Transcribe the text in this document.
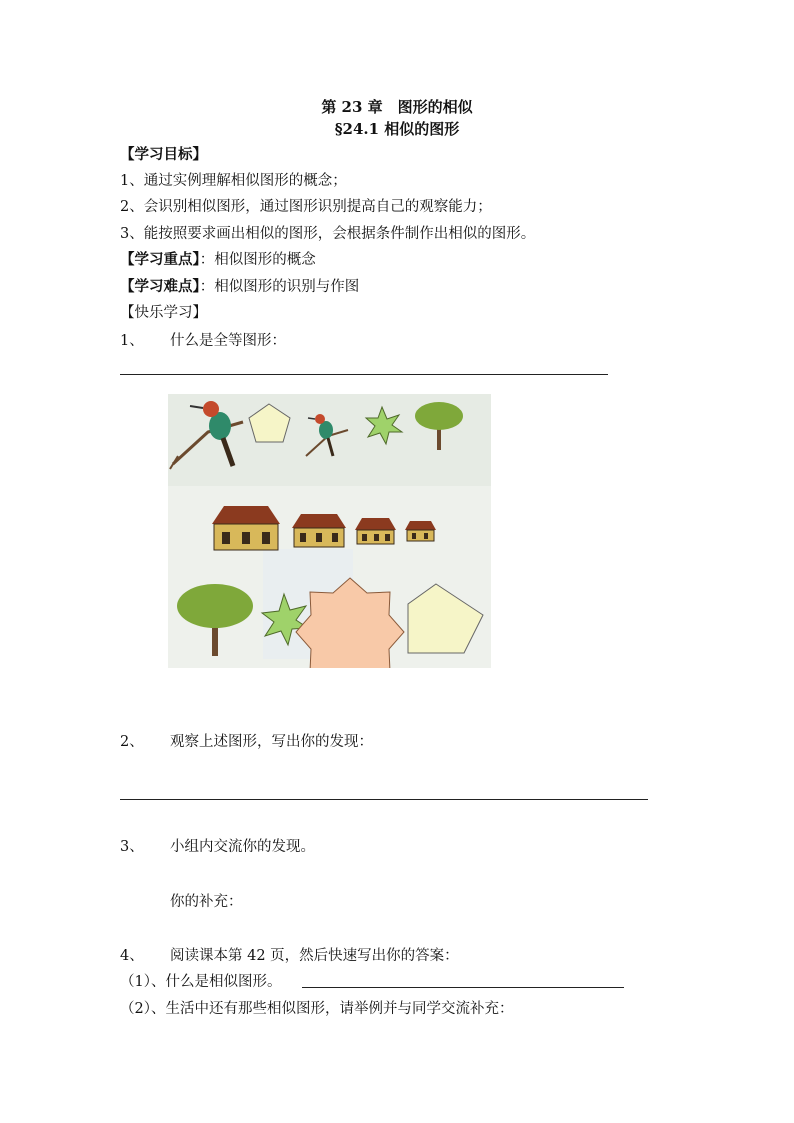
第 23 章　图形的相似
§24.1 相似的图形
【学习目标】
1、通过实例理解相似图形的概念；
2、会识别相似图形，通过图形识别提高自己的观察能力；
3、能按照要求画出相似的图形，会根据条件制作出相似的图形。
【学习重点】：相似图形的概念
【学习难点】：相似图形的识别与作图
【快乐学习】
1、 什么是全等图形：
2、 观察上述图形，写出你的发现：
3、 小组内交流你的发现。
你的补充：
4、 阅读课本第 42 页，然后快速写出你的答案：
（1）、什么是相似图形。
（2）、生活中还有那些相似图形，请举例并与同学交流补充：
